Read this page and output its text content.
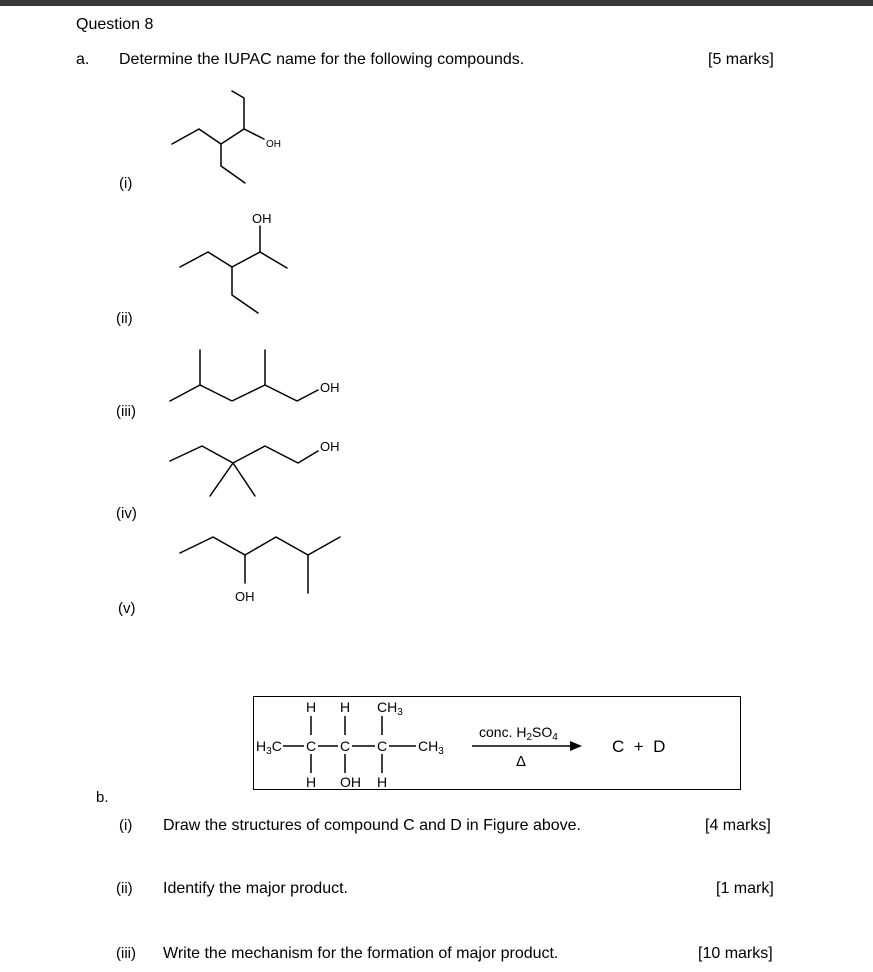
Question 8
a. Determine the IUPAC name for the following compounds.	[5 marks]
(i)
(ii)
(iii)
(iv)
(v)
OH
OH
OH
OH
OH
H H $CH_3$
$H_3C$ C C C $CH_3$
H OH H
conc. $H_2SO_4$
Δ
C  +  D
b.
(i) Draw the structures of compound C and D in Figure above.	[4 marks]
(ii) Identify the major product.	[1 mark]
(iii) Write the mechanism for the formation of major product.	[10 marks]
